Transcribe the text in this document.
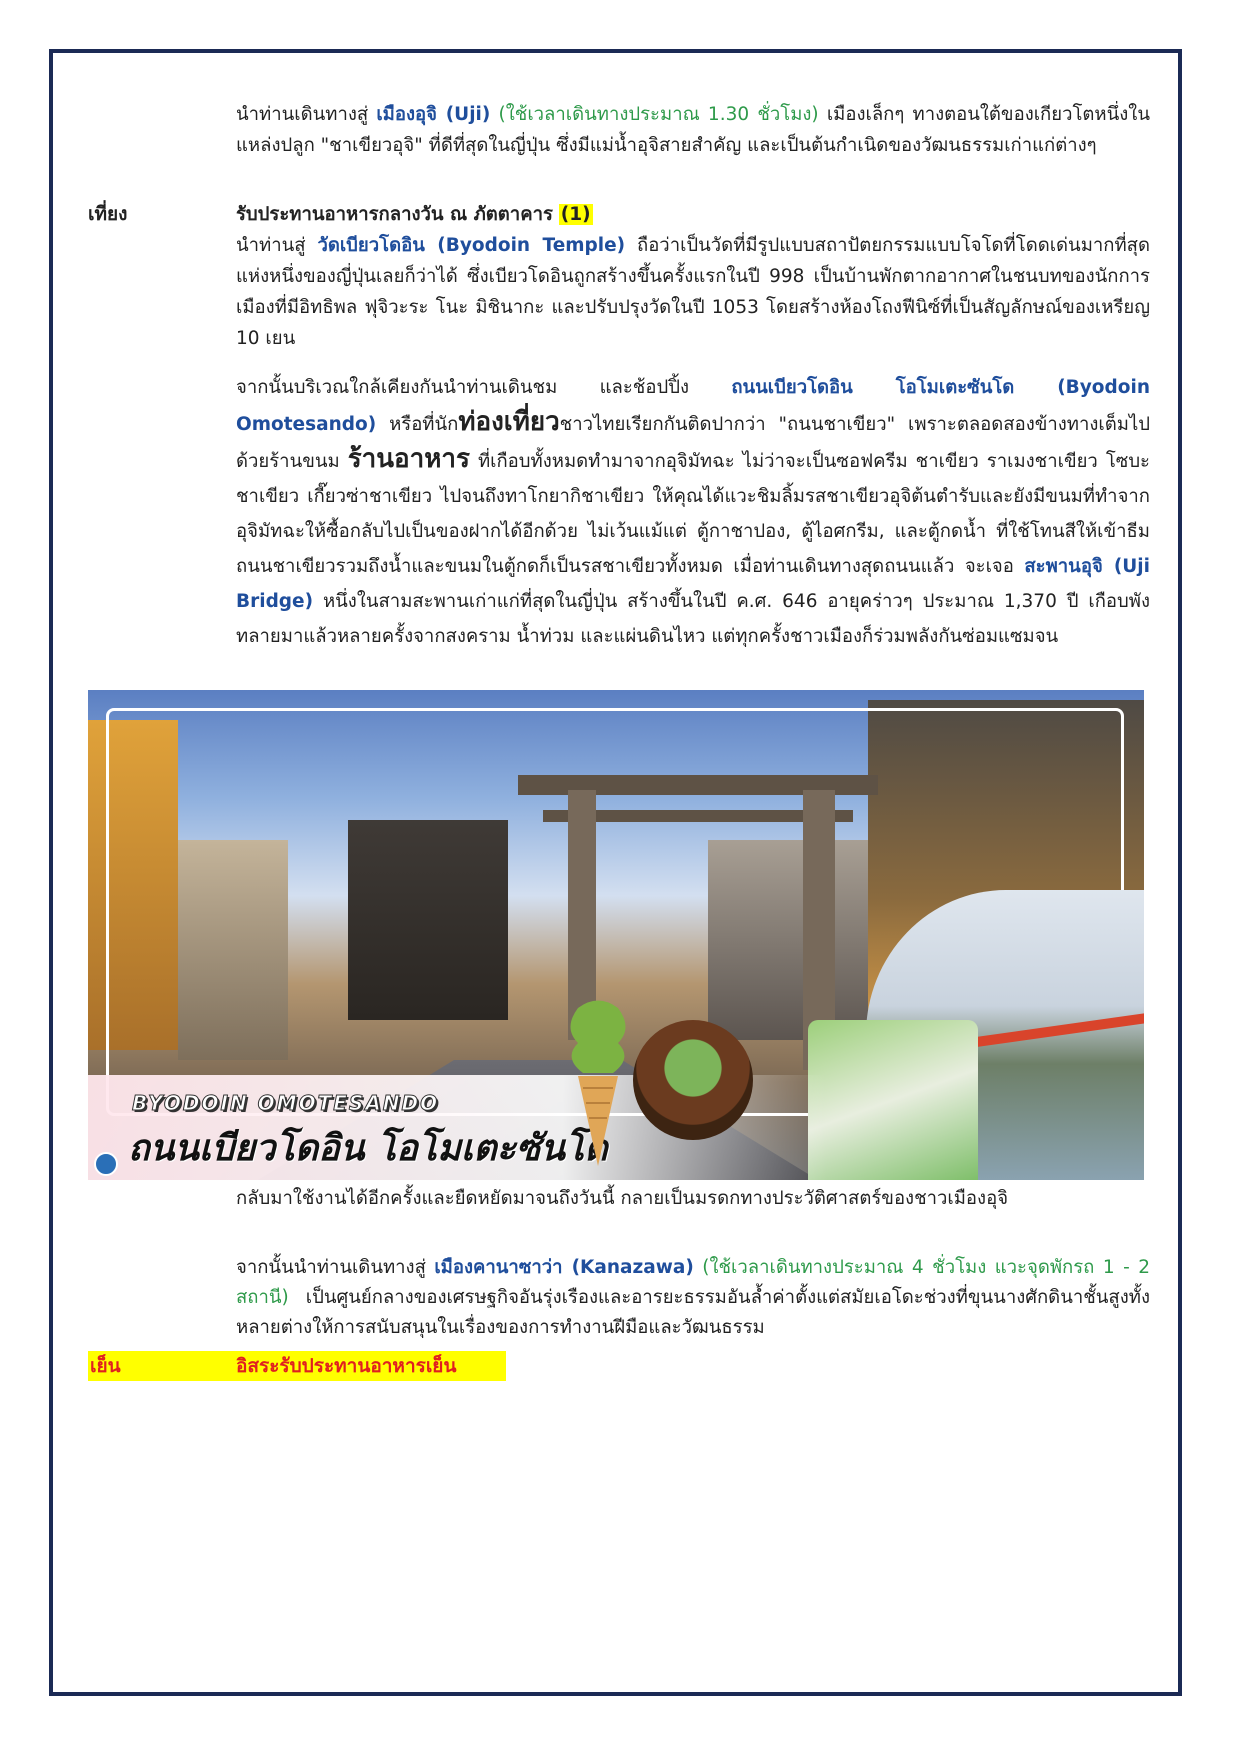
นำท่านเดินทางสู่ เมืองอุจิ (Uji) (ใช้เวลาเดินทางประมาณ 1.30 ชั่วโมง) เมืองเล็กๆ ทางตอนใต้ของเกียวโตหนึ่งในแหล่งปลูก "ชาเขียวอุจิ" ที่ดีที่สุดในญี่ปุ่น ซึ่งมีแม่น้ำอุจิสายสำคัญ และเป็นต้นกำเนิดของวัฒนธรรมเก่าแก่ต่างๆ
เที่ยง	รับประทานอาหารกลางวัน ณ ภัตตาคาร (1)
นำท่านสู่ วัดเบียวโดอิน (Byodoin Temple) ถือว่าเป็นวัดที่มีรูปแบบสถาปัตยกรรมแบบโจโดที่โดดเด่นมากที่สุดแห่งหนึ่งของญี่ปุ่นเลยก็ว่าได้ ซึ่งเบียวโดอินถูกสร้างขึ้นครั้งแรกในปี 998 เป็นบ้านพักตากอากาศในชนบทของนักการเมืองที่มีอิทธิพล ฟุจิวะระ โนะ มิชินากะ และปรับปรุงวัดในปี 1053 โดยสร้างห้องโถงฟีนิซ์ที่เป็นสัญลักษณ์ของเหรียญ 10 เยน
จากนั้นบริเวณใกล้เคียงกันนำท่านเดินชม และช้อปปิ้ง ถนนเบียวโดอิน โอโมเตะซันโด (Byodoin Omotesando) หรือที่นักท่องเที่ยวชาวไทยเรียกกันติดปากว่า "ถนนชาเขียว" เพราะตลอดสองข้างทางเต็มไปด้วยร้านขนม ร้านอาหาร ที่เกือบทั้งหมดทำมาจากอุจิมัทฉะ ไม่ว่าจะเป็นซอฟครีม ชาเขียว ราเมงชาเขียว โซบะชาเขียว เกี๊ยวซ่าชาเขียว ไปจนถึงทาโกยากิชาเขียว ให้คุณได้แวะชิมลิ้มรสชาเขียวอุจิต้นตำรับและยังมีขนมที่ทำจากอุจิมัทฉะให้ซื้อกลับไปเป็นของฝากได้อีกด้วย ไม่เว้นแม้แต่ ตู้กาชาปอง, ตู้ไอศกรีม, และตู้กดน้ำ ที่ใช้โทนสีให้เข้าธีมถนนชาเขียวรวมถึงน้ำและขนมในตู้กดก็เป็นรสชาเขียวทั้งหมด เมื่อท่านเดินทางสุดถนนแล้ว จะเจอ สะพานอุจิ (Uji Bridge) หนึ่งในสามสะพานเก่าแก่ที่สุดในญี่ปุ่น สร้างขึ้นในปี ค.ศ. 646 อายุคร่าวๆ ประมาณ 1,370 ปี เกือบพังทลายมาแล้วหลายครั้งจากสงคราม น้ำท่วม และแผ่นดินไหว แต่ทุกครั้งชาวเมืองก็ร่วมพลังกันซ่อมแซมจน
BYODOIN OMOTESANDO
ถนนเบียวโดอิน โอโมเตะซันโด
กลับมาใช้งานได้อีกครั้งและยืดหยัดมาจนถึงวันนี้ กลายเป็นมรดกทางประวัติศาสตร์ของชาวเมืองอุจิ
จากนั้นนำท่านเดินทางสู่ เมืองคานาซาว่า (Kanazawa) (ใช้เวลาเดินทางประมาณ 4 ชั่วโมง แวะจุดพักรถ 1 - 2 สถานี) เป็นศูนย์กลางของเศรษฐกิจอันรุ่งเรืองและอารยะธรรมอันล้ำค่าตั้งแต่สมัยเอโดะช่วงที่ขุนนางศักดินาชั้นสูงทั้งหลายต่างให้การสนับสนุนในเรื่องของการทำงานฝีมือและวัฒนธรรม
เย็น	อิสระรับประทานอาหารเย็น
